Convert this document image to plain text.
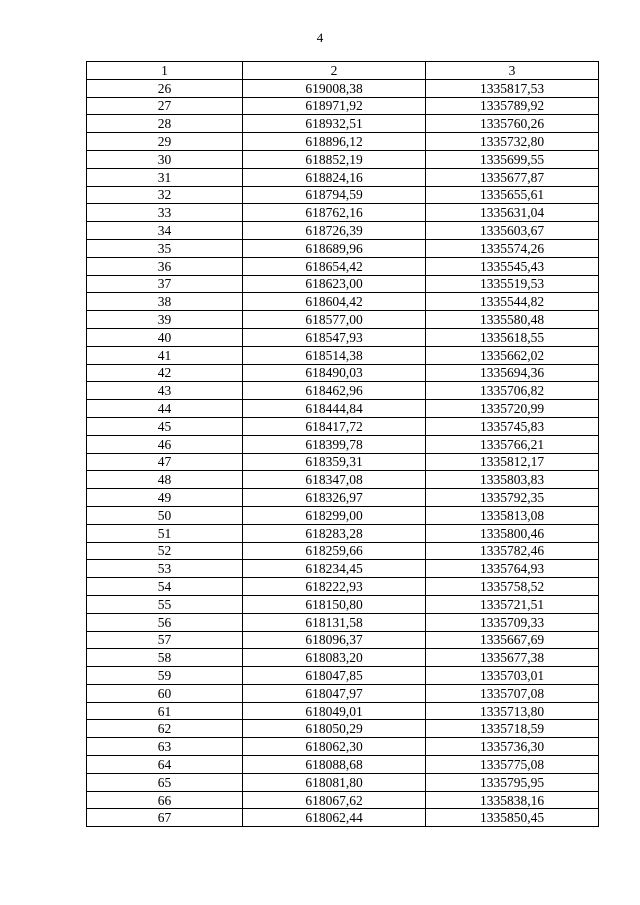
4
1	2	3
26	619008,38	1335817,53
27	618971,92	1335789,92
28	618932,51	1335760,26
29	618896,12	1335732,80
30	618852,19	1335699,55
31	618824,16	1335677,87
32	618794,59	1335655,61
33	618762,16	1335631,04
34	618726,39	1335603,67
35	618689,96	1335574,26
36	618654,42	1335545,43
37	618623,00	1335519,53
38	618604,42	1335544,82
39	618577,00	1335580,48
40	618547,93	1335618,55
41	618514,38	1335662,02
42	618490,03	1335694,36
43	618462,96	1335706,82
44	618444,84	1335720,99
45	618417,72	1335745,83
46	618399,78	1335766,21
47	618359,31	1335812,17
48	618347,08	1335803,83
49	618326,97	1335792,35
50	618299,00	1335813,08
51	618283,28	1335800,46
52	618259,66	1335782,46
53	618234,45	1335764,93
54	618222,93	1335758,52
55	618150,80	1335721,51
56	618131,58	1335709,33
57	618096,37	1335667,69
58	618083,20	1335677,38
59	618047,85	1335703,01
60	618047,97	1335707,08
61	618049,01	1335713,80
62	618050,29	1335718,59
63	618062,30	1335736,30
64	618088,68	1335775,08
65	618081,80	1335795,95
66	618067,62	1335838,16
67	618062,44	1335850,45
